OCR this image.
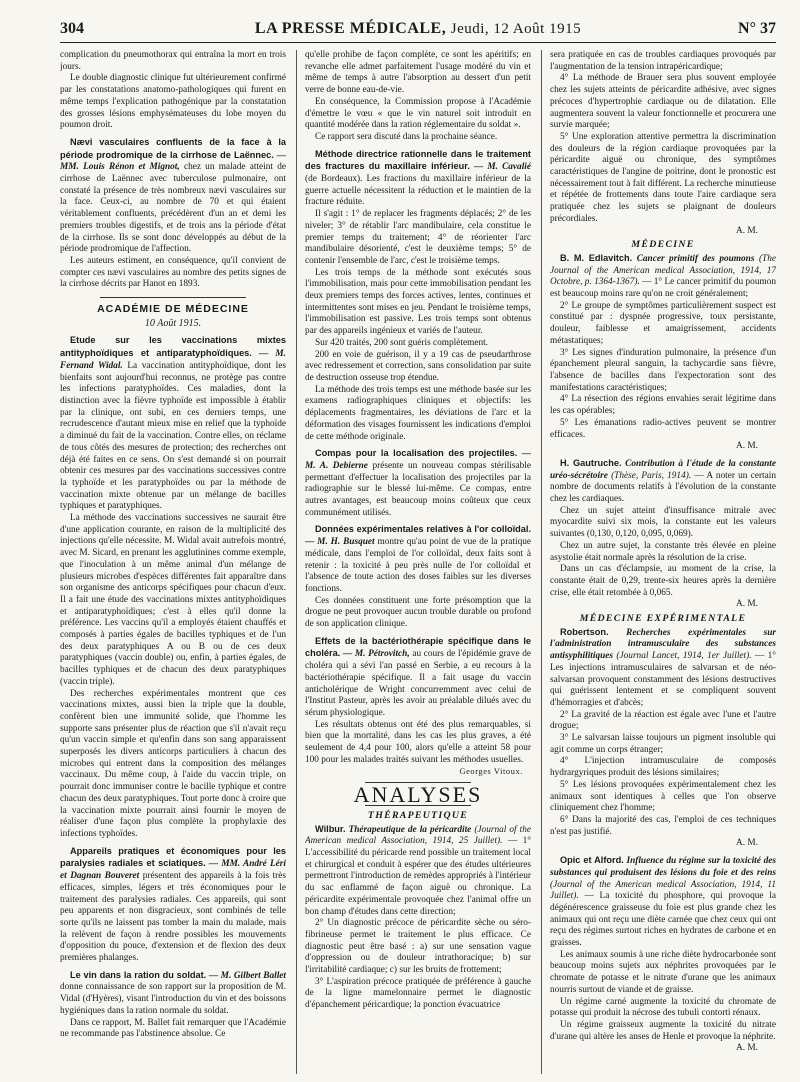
304	LA PRESSE MÉDICALE, Jeudi, 12 Août 1915	N° 37

complication du pneumothorax qui entraîna la mort en trois jours.

Le double diagnostic clinique fut ultérieurement confirmé par les constatations anatomo-pathologiques qui furent en même temps l'explication pathogénique par la constatation des grosses lésions emphysémateuses du lobe moyen du poumon droit.

Nævi vasculaires confluents de la face à la période prodromique de la cirrhose de Laënnec. — MM. Louis Rénon et Mignot, chez un malade atteint de cirrhose de Laënnec avec tuberculose pulmonaire, ont constaté la présence de très nombreux nævi vasculaires sur la face. Ceux-ci, au nombre de 70 et qui étaient véritablement confluents, précédèrent d'un an et demi les premiers troubles digestifs, et de trois ans la période d'état de la cirrhose. Ils se sont donc développés au début de la période prodromique de l'affection.

Les auteurs estiment, en conséquence, qu'il convient de compter ces nævi vasculaires au nombre des petits signes de la cirrhose décrits par Hanot en 1893.

ACADÉMIE DE MÉDECINE

10 Août 1915.

Etude sur les vaccinations mixtes antityphoïdiques et antiparatyphoïdiques. — M. Fernand Widal. La vaccination antityphoïdique, dont les bienfaits sont aujourd'hui reconnus, ne protège pas contre les infections paratyphoïdes. Ces maladies, dont la distinction avec la fièvre typhoïde est impossible à établir par la clinique, ont subi, en ces derniers temps, une recrudescence d'autant mieux mise en relief que la typhoïde a diminué du fait de la vaccination. Contre elles, on réclame de tous côtés des mesures de protection; des recherches ont déjà été faites en ce sens. On s'est demandé si on pourrait obtenir ces mesures par des vaccinations successives contre la typhoïde et les paratyphoïdes ou par la méthode de vaccination mixte obtenue par un mélange de bacilles typhiques et paratyphiques.

La méthode des vaccinations successives ne saurait être d'une application courante, en raison de la multiplicité des injections qu'elle nécessite. M. Widal avait autrefois montré, avec M. Sicard, en prenant les agglutinines comme exemple, que l'inoculation à un même animal d'un mélange de plusieurs microbes d'espèces différentes fait apparaître dans son organisme des anticorps spécifiques pour chacun d'eux. Il a fait une étude des vaccinations mixtes antityphoïdiques et antiparatyphoïdiques; c'est à elles qu'il donne la préférence. Les vaccins qu'il a employés étaient chauffés et composés à parties égales de bacilles typhiques et de l'un des deux paratyphiques A ou B ou de ces deux paratyphiques (vaccin double) ou, enfin, à parties égales, de bacilles typhiques et de chacun des deux paratyphiques (vaccin triple).

Des recherches expérimentales montrent que ces vaccinations mixtes, aussi bien la triple que la double, confèrent bien une immunité solide, que l'homme les supporte sans présenter plus de réaction que s'il n'avait reçu qu'un vaccin simple et qu'enfin dans son sang apparaissent superposés les divers anticorps particuliers à chacun des microbes qui entrent dans la composition des mélanges vaccinaux. Du même coup, à l'aide du vaccin triple, on pourrait donc immuniser contre le bacille typhique et contre chacun des deux paratyphiques. Tout porte donc à croire que la vaccination mixte pourrait ainsi fournir le moyen de réaliser d'une façon plus complète la prophylaxie des infections typhoïdes.

Appareils pratiques et économiques pour les paralysies radiales et sciatiques. — MM. André Léri et Dagnan Bouveret présentent des appareils à la fois très efficaces, simples, légers et très économiques pour le traitement des paralysies radiales. Ces appareils, qui sont peu apparents et non disgracieux, sont combinés de telle sorte qu'ils ne laissent pas tomber la main du malade, mais la relèvent de façon à rendre possibles les mouvements d'opposition du pouce, d'extension et de flexion des deux premières phalanges.

Le vin dans la ration du soldat. — M. Gilbert Ballet donne connaissance de son rapport sur la proposition de M. Vidal (d'Hyères), visant l'introduction du vin et des boissons hygiéniques dans la ration normale du soldat.

Dans ce rapport, M. Ballet fait remarquer que l'Académie ne recommande pas l'abstinence absolue. Ce

qu'elle prohibe de façon complète, ce sont les apéritifs; en revanche elle admet parfaitement l'usage modéré du vin et même de temps à autre l'absorption au dessert d'un petit verre de bonne eau-de-vie.

En conséquence, la Commission propose à l'Académie d'émettre le vœu « que le vin naturel soit introduit en quantité modérée dans la ration réglementaire du soldat ».

Ce rapport sera discuté dans la prochaine séance.

Méthode directrice rationnelle dans le traitement des fractures du maxillaire inférieur. — M. Cavalié (de Bordeaux). Les fractions du maxillaire inférieur de la guerre actuelle nécessitent la réduction et le maintien de la fracture réduite.

Il s'agit : 1° de replacer les fragments déplacés; 2° de les niveler; 3° de rétablir l'arc mandibulaire, cela constitue le premier temps du traitement; 4° de réorienter l'arc mandibulaire désorienté, c'est le deuxième temps; 5° de contenir l'ensemble de l'arc, c'est le troisième temps.

Les trois temps de la méthode sont exécutés sous l'immobilisation, mais pour cette immobilisation pendant les deux premiers temps des forces actives, lentes, continues et intermittentes sont mises en jeu. Pendant le troisième temps, l'immobilisation est passive. Les trois temps sont obtenus par des appareils ingénieux et variés de l'auteur.

Sur 420 traités, 200 sont guéris complètement.

200 en voie de guérison, il y a 19 cas de pseudarthrose avec redressement et correction, sans consolidation par suite de destruction osseuse trop étendue.

La méthode des trois temps est une méthode basée sur les examens radiographiques cliniques et objectifs: les déplacements fragmentaires, les déviations de l'arc et la déformation des visages fournissent les indications d'emploi de cette méthode originale.

Compas pour la localisation des projectiles. — M. A. Debierne présente un nouveau compas stérilisable permettant d'effectuer la localisation des projectiles par la radiographie sur le blessé lui-même. Ce compas, entre autres avantages, est beaucoup moins coûteux que ceux communément utilisés.

Données expérimentales relatives à l'or colloïdal. — M. H. Busquet montre qu'au point de vue de la pratique médicale, dans l'emploi de l'or colloïdal, deux faits sont à retenir : la toxicité à peu près nulle de l'or colloïdal et l'absence de toute action des doses faibles sur les diverses fonctions.

Ces données constituent une forte présomption que la drogue ne peut provoquer aucun trouble durable ou profond de son application clinique.

Effets de la bactériothérapie spécifique dans le choléra. — M. Pétrovitch, au cours de l'épidémie grave de choléra qui a sévi l'an passé en Serbie, a eu recours à la bactériothérapie spécifique. Il a fait usage du vaccin anticholérique de Wright concurremment avec celui de l'Institut Pasteur, après les avoir au préalable dilués avec du sérum physiologique.

Les résultats obtenus ont été des plus remarquables, si bien que la mortalité, dans les cas les plus graves, a été seulement de 4,4 pour 100, alors qu'elle a atteint 58 pour 100 pour les malades traités suivant les méthodes usuelles.

Georges Vitoux.

ANALYSES

THÉRAPEUTIQUE

Wilbur. Thérapeutique de la péricardite (Journal of the American medical Association, 1914, 25 Juillet). — 1° L'accessibilité du péricarde rend possible un traitement local et chirurgical et conduit à espérer que des études ultérieures permettront l'introduction de remèdes appropriés à l'intérieur du sac enflammé de façon aiguë ou chronique. La péricardite expérimentale provoquée chez l'animal offre un bon champ d'études dans cette direction;

2° Un diagnostic précoce de péricardite sèche ou séro-fibrineuse permet le traitement le plus efficace. Ce diagnostic peut être basé : a) sur une sensation vague d'oppression ou de douleur intrathoracique; b) sur l'irritabilité cardiaque; c) sur les bruits de frottement;

3° L'aspiration précoce pratiquée de préférence à gauche de la ligne mamelonnaire permet le diagnostic d'épanchement péricardique; la ponction évacuatrice

sera pratiquée en cas de troubles cardiaques provoqués par l'augmentation de la tension intrapéricardique;

4° La méthode de Brauer sera plus souvent employée chez les sujets atteints de péricardite adhésive, avec signes précoces d'hypertrophie cardiaque ou de dilatation. Elle augmentera souvent la valeur fonctionnelle et procurera une survie marquée;

5° Une exploration attentive permettra la discrimination des douleurs de la région cardiaque provoquées par la péricardite aiguë ou chronique, des symptômes caractéristiques de l'angine de poitrine, dont le pronostic est nécessairement tout à fait différent. La recherche minutieuse et répétée de frottements dans toute l'aire cardiaque sera pratiquée chez les sujets se plaignant de douleurs précordiales.

A. M.

MÉDECINE

B. M. Edlavitch. Cancer primitif des poumons (The Journal of the American medical Association, 1914, 17 Octobre, p. 1364-1367). — 1° Le cancer primitif du poumon est beaucoup moins rare qu'on ne croit généralement;

2° Le groupe de symptômes particulièrement suspect est constitué par : dyspnée progressive, toux persistante, douleur, faiblesse et amaigrissement, accidents métastatiques;

3° Les signes d'induration pulmonaire, la présence d'un épanchement pleural sanguin, la tachycardie sans fièvre, l'absence de bacilles dans l'expectoration sont des manifestations caractéristiques;

4° La résection des régions envahies serait légitime dans les cas opérables;

5° Les émanations radio-actives peuvent se montrer efficaces.

A. M.

H. Gautruche. Contribution à l'étude de la constante uréo-sécrétoire (Thèse, Paris, 1914). — A noter un certain nombre de documents relatifs à l'évolution de la constante chez les cardiaques.

Chez un sujet atteint d'insuffisance mitrale avec myocardite suivi six mois, la constante eut les valeurs suivantes (0,130, 0,120, 0,095, 0,069).

Chez un autre sujet, la constante très élevée en pleine asystolie était normale après la résolution de la crise.

Dans un cas d'éclampsie, au moment de la crise, la constante était de 0,29, trente-six heures après la dernière crise, elle était retombée à 0,065.

A. M.

MÉDECINE EXPÉRIMENTALE

Robertson. Recherches expérimentales sur l'administration intramusculaire des substances antisyphilitiques (Journal Lancet, 1914, 1er Juillet). — 1° Les injections intramusculaires de salvarsan et de néo-salvarsan provoquent constamment des lésions destructives qui guérissent lentement et se compliquent souvent d'hémorragies et d'abcès;

2° La gravité de la réaction est égale avec l'une et l'autre drogue;

3° Le salvarsan laisse toujours un pigment insoluble qui agit comme un corps étranger;

4° L'injection intramusculaire de composés hydrargyriques produit des lésions similaires;

5° Les lésions provoquées expérimentalement chez les animaux sont identiques à celles que l'on observe cliniquement chez l'homme;

6° Dans la majorité des cas, l'emploi de ces techniques n'est pas justifié.

A. M.

Opic et Alford. Influence du régime sur la toxicité des substances qui produisent des lésions du foie et des reins (Journal of the American medical Association, 1914, 11 Juillet). — La toxicité du phosphore, qui provoque la dégénérescence graisseuse du foie est plus grande chez les animaux qui ont reçu une diète carnée que chez ceux qui ont reçu des régimes surtout riches en hydrates de carbone et en graisses.

Les animaux soumis à une riche diète hydrocarbonée sont beaucoup moins sujets aux néphrites provoquées par le chromate de potasse et le nitrate d'urane que les animaux nourris surtout de viande et de graisse.

Un régime carné augmente la toxicité du chromate de potasse qui produit la nécrose des tubuli contorti rénaux.

Un régime graisseux augmente la toxicité du nitrate d'urane qui altère les anses de Henle et provoque la néphrite.

A. M.
